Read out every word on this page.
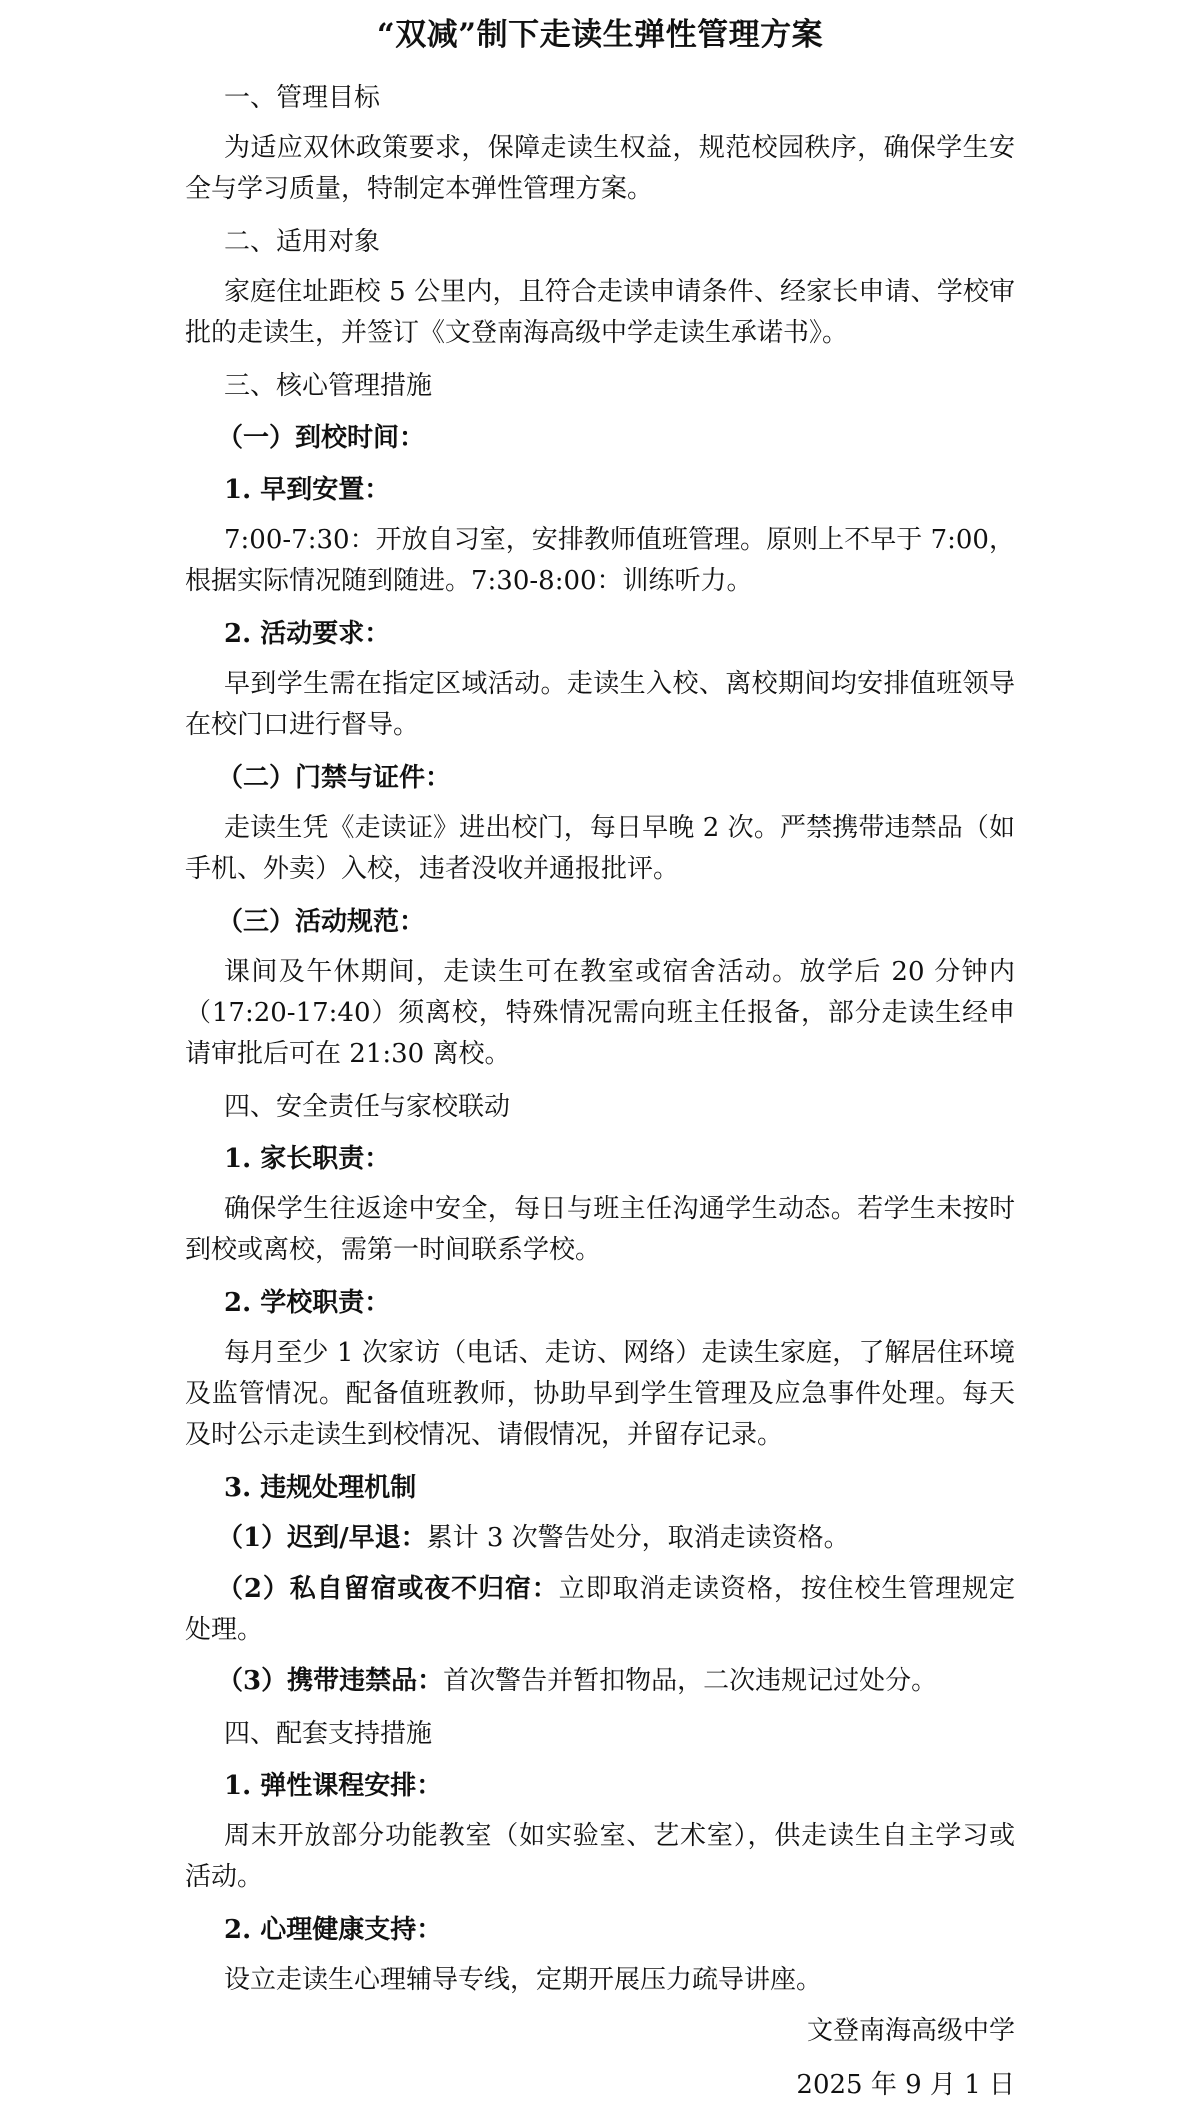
“双减”制下走读生弹性管理方案

一、管理目标

为适应双休政策要求，保障走读生权益，规范校园秩序，确保学生安全与学习质量，特制定本弹性管理方案。

二、适用对象

家庭住址距校 5 公里内，且符合走读申请条件、经家长申请、学校审批的走读生，并签订《文登南海高级中学走读生承诺书》。

三、核心管理措施

（一）到校时间：

1. 早到安置：

7:00-7:30：开放自习室，安排教师值班管理。原则上不早于 7:00，根据实际情况随到随进。7:30-8:00：训练听力。

2. 活动要求：

早到学生需在指定区域活动。走读生入校、离校期间均安排值班领导在校门口进行督导。

（二）门禁与证件：

走读生凭《走读证》进出校门，每日早晚 2 次。严禁携带违禁品（如手机、外卖）入校，违者没收并通报批评。

（三）活动规范：

课间及午休期间，走读生可在教室或宿舍活动。放学后 20 分钟内（17:20-17:40）须离校，特殊情况需向班主任报备，部分走读生经申请审批后可在 21:30 离校。

四、安全责任与家校联动

1. 家长职责：

确保学生往返途中安全，每日与班主任沟通学生动态。若学生未按时到校或离校，需第一时间联系学校。

2. 学校职责：

每月至少 1 次家访（电话、走访、网络）走读生家庭，了解居住环境及监管情况。配备值班教师，协助早到学生管理及应急事件处理。每天及时公示走读生到校情况、请假情况，并留存记录。

3. 违规处理机制

（1）迟到/早退：累计 3 次警告处分，取消走读资格。

（2）私自留宿或夜不归宿：立即取消走读资格，按住校生管理规定处理。

（3）携带违禁品：首次警告并暂扣物品，二次违规记过处分。

四、配套支持措施

1. 弹性课程安排：

周末开放部分功能教室（如实验室、艺术室），供走读生自主学习或活动。

2. 心理健康支持：

设立走读生心理辅导专线，定期开展压力疏导讲座。

文登南海高级中学

2025 年 9 月 1 日
